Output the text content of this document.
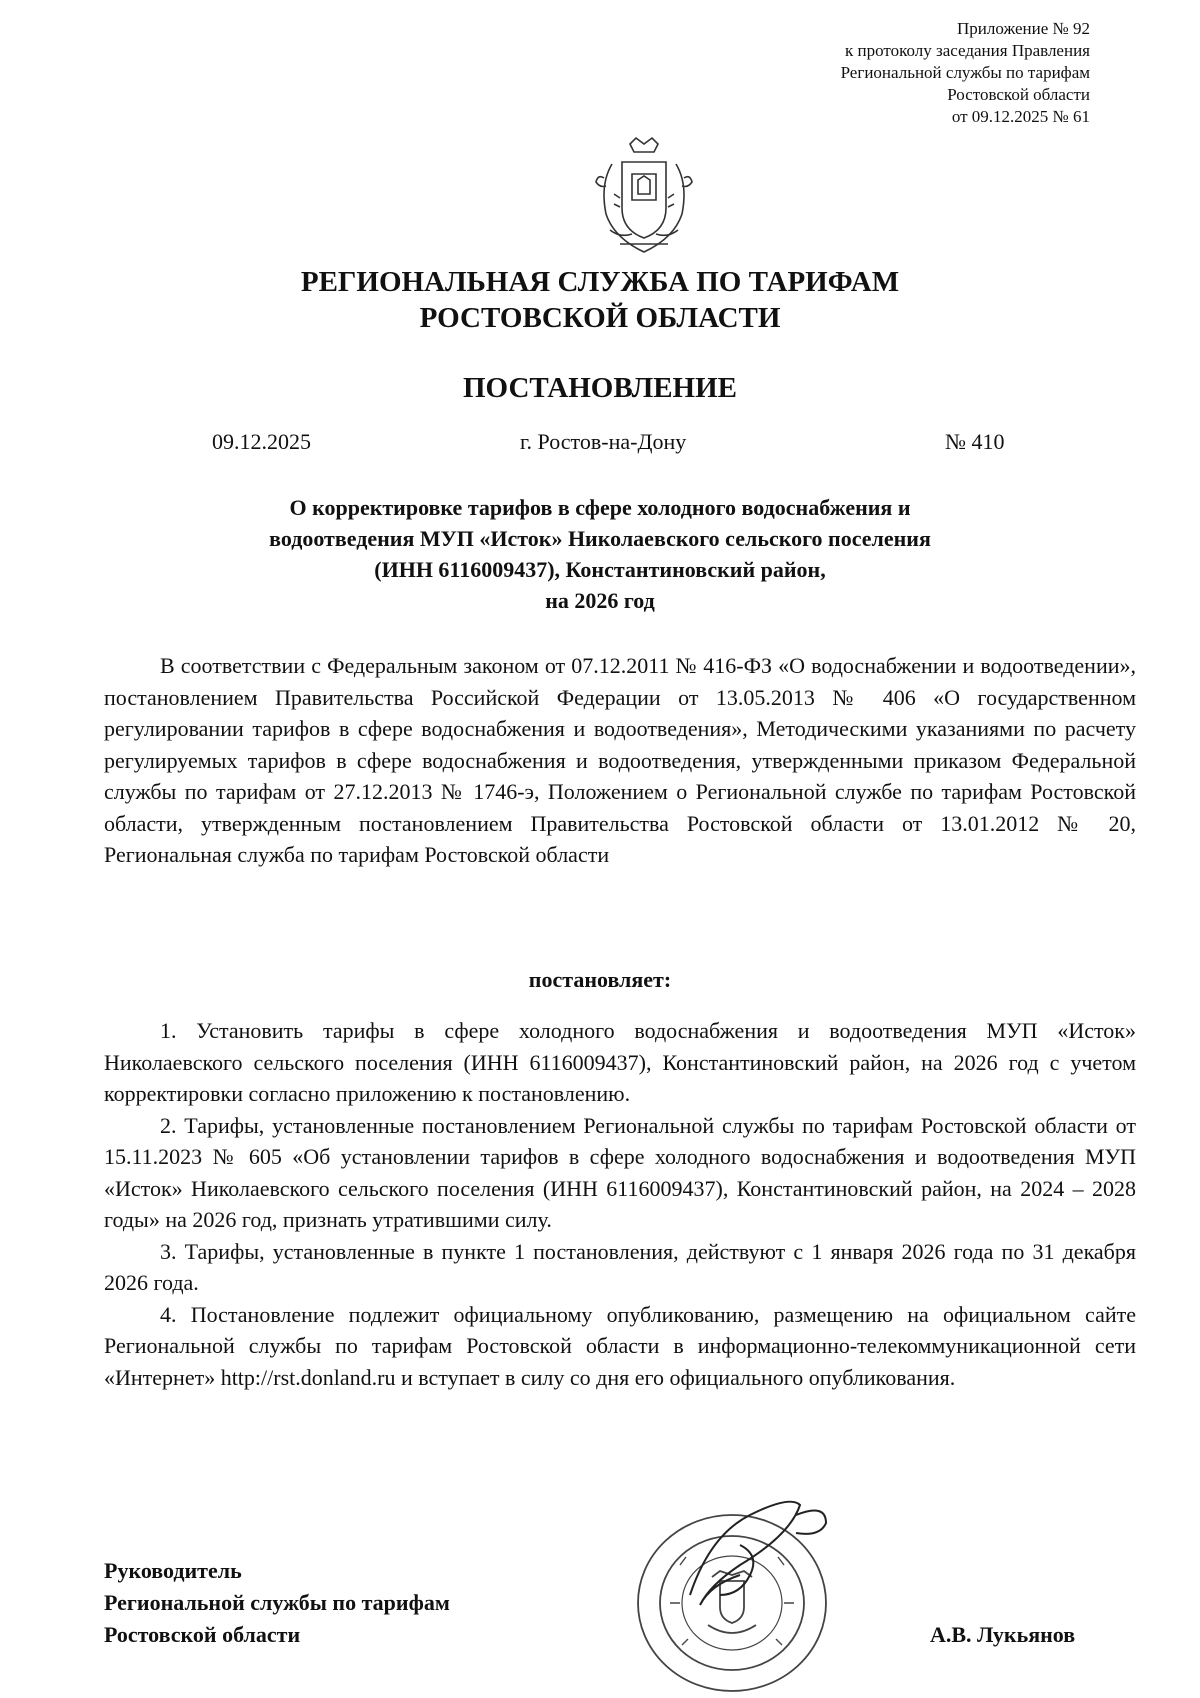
Приложение № 92
к протоколу заседания Правления
Региональной службы по тарифам
Ростовской области
от 09.12.2025 № 61
РЕГИОНАЛЬНАЯ СЛУЖБА ПО ТАРИФАМ
РОСТОВСКОЙ ОБЛАСТИ
ПОСТАНОВЛЕНИЕ
09.12.2025	г. Ростов-на-Дону	№ 410
О корректировке тарифов в сфере холодного водоснабжения и
водоотведения МУП «Исток» Николаевского сельского поселения
(ИНН 6116009437), Константиновский район,
на 2026 год
В соответствии с Федеральным законом от 07.12.2011 № 416-ФЗ «О водоснабжении и водоотведении», постановлением Правительства Российской Федерации от 13.05.2013 № 406 «О государственном регулировании тарифов в сфере водоснабжения и водоотведения», Методическими указаниями по расчету регулируемых тарифов в сфере водоснабжения и водоотведения, утвержденными приказом Федеральной службы по тарифам от 27.12.2013 № 1746-э, Положением о Региональной службе по тарифам Ростовской области, утвержденным постановлением Правительства Ростовской области от 13.01.2012 № 20, Региональная служба по тарифам Ростовской области
постановляет:

1. Установить тарифы в сфере холодного водоснабжения и водоотведения МУП «Исток» Николаевского сельского поселения (ИНН 6116009437), Константиновский район, на 2026 год с учетом корректировки согласно приложению к постановлению.

2. Тарифы, установленные постановлением Региональной службы по тарифам Ростовской области от 15.11.2023 № 605 «Об установлении тарифов в сфере холодного водоснабжения и водоотведения МУП «Исток» Николаевского сельского поселения (ИНН 6116009437), Константиновский район, на 2024 – 2028 годы» на 2026 год, признать утратившими силу.

3. Тарифы, установленные в пункте 1 постановления, действуют с 1 января 2026 года по 31 декабря 2026 года.

4. Постановление подлежит официальному опубликованию, размещению на официальном сайте Региональной службы по тарифам Ростовской области в информационно-телекоммуникационной сети «Интернет» http://rst.donland.ru и вступает в силу со дня его официального опубликования.

Руководитель
Региональной службы по тарифам
Ростовской области	А.В. Лукьянов
